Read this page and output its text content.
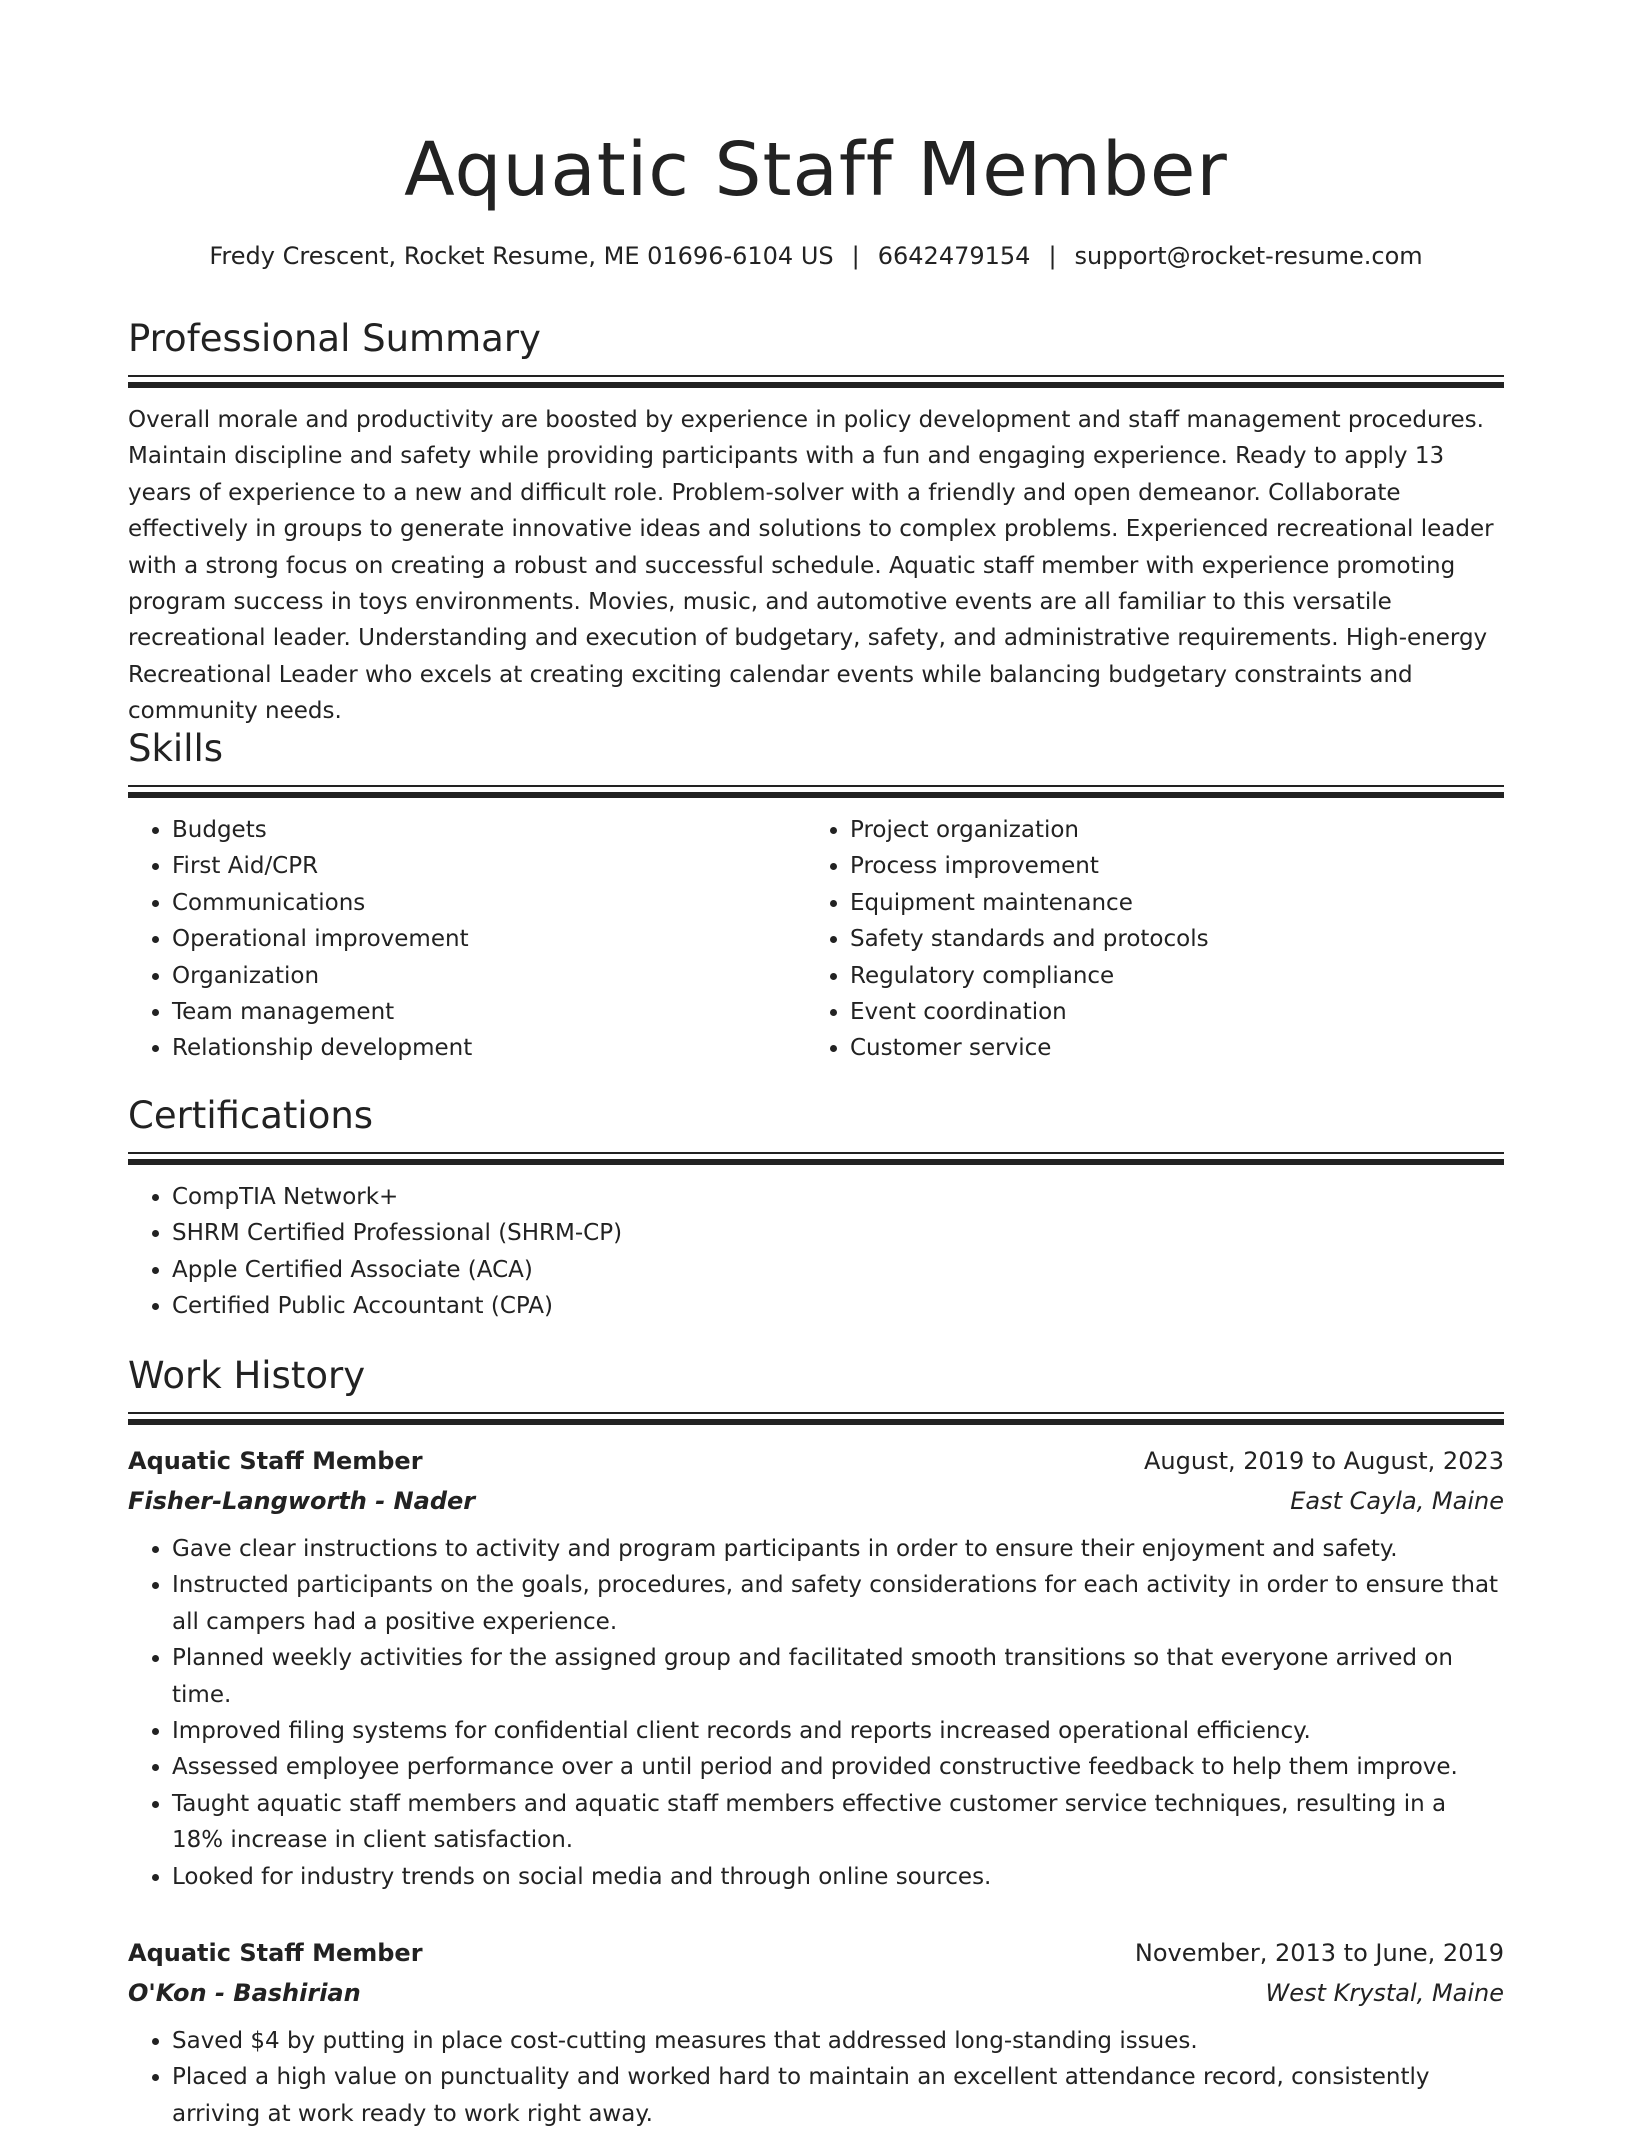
Aquatic Staff Member
Fredy Crescent, Rocket Resume, ME 01696-6104 US | 6642479154 | support@rocket-resume.com
Professional Summary
Overall morale and productivity are boosted by experience in policy development and staff management procedures. Maintain discipline and safety while providing participants with a fun and engaging experience. Ready to apply 13 years of experience to a new and difficult role. Problem-solver with a friendly and open demeanor. Collaborate effectively in groups to generate innovative ideas and solutions to complex problems. Experienced recreational leader with a strong focus on creating a robust and successful schedule. Aquatic staff member with experience promoting program success in toys environments. Movies, music, and automotive events are all familiar to this versatile recreational leader. Understanding and execution of budgetary, safety, and administrative requirements. High-energy Recreational Leader who excels at creating exciting calendar events while balancing budgetary constraints and community needs.
Skills
• Budgets
• First Aid/CPR
• Communications
• Operational improvement
• Organization
• Team management
• Relationship development
• Project organization
• Process improvement
• Equipment maintenance
• Safety standards and protocols
• Regulatory compliance
• Event coordination
• Customer service
Certifications
• CompTIA Network+
• SHRM Certified Professional (SHRM-CP)
• Apple Certified Associate (ACA)
• Certified Public Accountant (CPA)
Work History
Aquatic Staff Member	August, 2019 to August, 2023
Fisher-Langworth - Nader	East Cayla, Maine
• Gave clear instructions to activity and program participants in order to ensure their enjoyment and safety.
• Instructed participants on the goals, procedures, and safety considerations for each activity in order to ensure that all campers had a positive experience.
• Planned weekly activities for the assigned group and facilitated smooth transitions so that everyone arrived on time.
• Improved filing systems for confidential client records and reports increased operational efficiency.
• Assessed employee performance over a until period and provided constructive feedback to help them improve.
• Taught aquatic staff members and aquatic staff members effective customer service techniques, resulting in a 18% increase in client satisfaction.
• Looked for industry trends on social media and through online sources.
Aquatic Staff Member	November, 2013 to June, 2019
O'Kon - Bashirian	West Krystal, Maine
• Saved $4 by putting in place cost-cutting measures that addressed long-standing issues.
• Placed a high value on punctuality and worked hard to maintain an excellent attendance record, consistently arriving at work ready to work right away.
